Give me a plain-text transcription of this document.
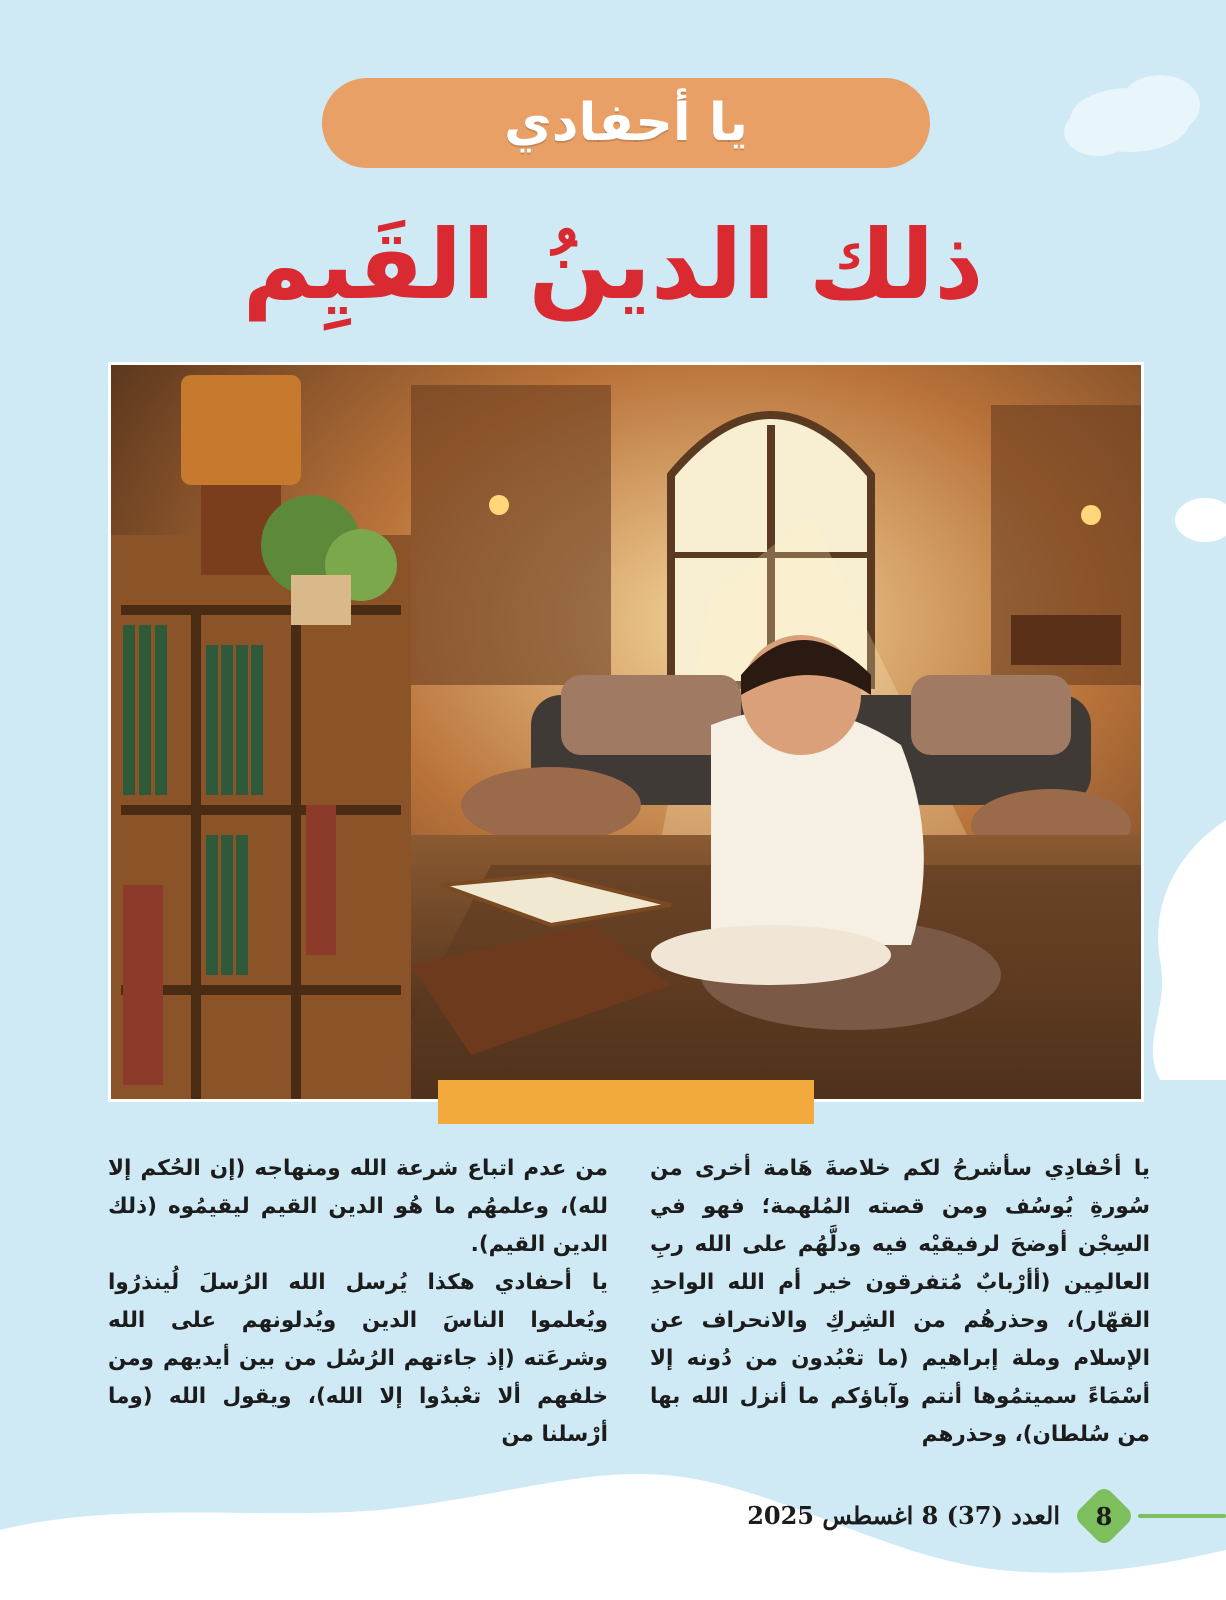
يا أحفادي
ذلك الدينُ القَيِم

يا أحْفادِي سأشرحُ لكم خلاصةَ هَامة أخرى من سُورةِ يُوسُف ومن قصته المُلهمة؛ فهو في السِجْن أوضحَ لرفيقيْه فيه ودلَّهُم على الله ربِ العالمِين (أأرْبابٌ مُتفرقون خير أم الله الواحدِ القهّار)، وحذرهُم من الشِركِ والانحراف عن الإسلام وملة إبراهيم (ما تعْبُدون من دُونه إلا أسْمَاءً سميتمُوها أنتم وآباؤكم ما أنزل الله بها من سُلطان)، وحذرهم

من عدم اتباع شرعة الله ومنهاجه (إن الحُكم إلا لله)، وعلمهُم ما هُو الدين القيم ليقيمُوه (ذلك الدين القيم).

يا أحفادي هكذا يُرسل الله الرُسلَ لُينذرُوا ويُعلموا الناسَ الدين ويُدلونهم على الله وشرعَته (إذ جاءتهم الرُسُل من بين أيديهم ومن خلفهم ألا تعْبدُوا إلا الله)، ويقول الله (وما أرْسلنا من

8
العدد (37) 8 اغسطس 2025
